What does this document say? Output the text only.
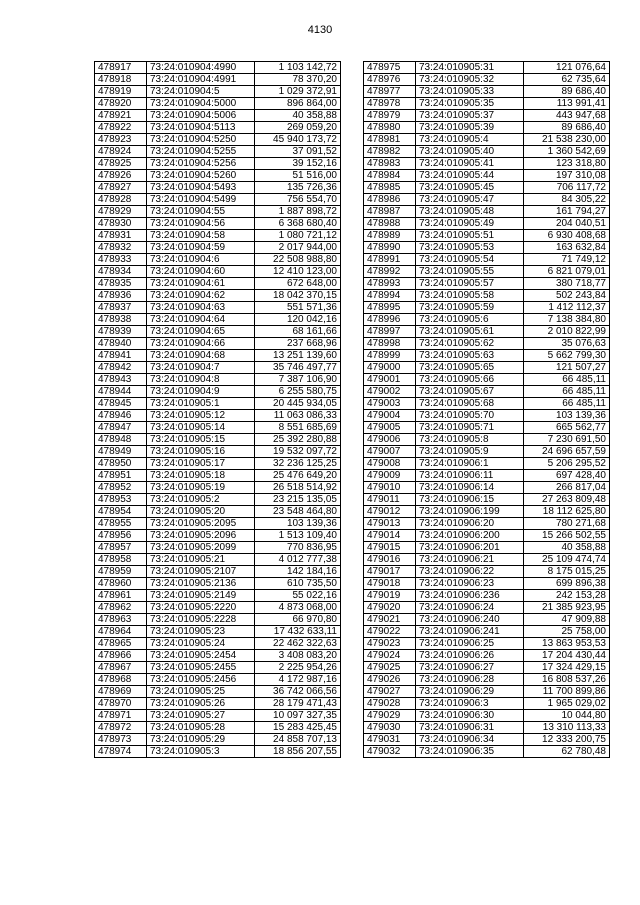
4130
478917	73:24:010904:4990	1 103 142,72
478918	73:24:010904:4991	78 370,20
478919	73:24:010904:5	1 029 372,91
478920	73:24:010904:5000	896 864,00
478921	73:24:010904:5006	40 358,88
478922	73:24:010904:5113	269 059,20
478923	73:24:010904:5250	45 940 173,72
478924	73:24:010904:5255	37 091,52
478925	73:24:010904:5256	39 152,16
478926	73:24:010904:5260	51 516,00
478927	73:24:010904:5493	135 726,36
478928	73:24:010904:5499	756 554,70
478929	73:24:010904:55	1 887 898,72
478930	73:24:010904:56	6 368 680,40
478931	73:24:010904:58	1 080 721,12
478932	73:24:010904:59	2 017 944,00
478933	73:24:010904:6	22 508 988,80
478934	73:24:010904:60	12 410 123,00
478935	73:24:010904:61	672 648,00
478936	73:24:010904:62	18 042 370,15
478937	73:24:010904:63	551 571,36
478938	73:24:010904:64	120 042,16
478939	73:24:010904:65	68 161,66
478940	73:24:010904:66	237 668,96
478941	73:24:010904:68	13 251 139,60
478942	73:24:010904:7	35 746 497,77
478943	73:24:010904:8	7 387 106,90
478944	73:24:010904:9	6 255 580,75
478945	73:24:010905:1	20 445 934,05
478946	73:24:010905:12	11 063 086,33
478947	73:24:010905:14	8 551 685,69
478948	73:24:010905:15	25 392 280,88
478949	73:24:010905:16	19 532 097,72
478950	73:24:010905:17	32 236 125,25
478951	73:24:010905:18	25 476 649,20
478952	73:24:010905:19	26 518 514,92
478953	73:24:010905:2	23 215 135,05
478954	73:24:010905:20	23 548 464,80
478955	73:24:010905:2095	103 139,36
478956	73:24:010905:2096	1 513 109,40
478957	73:24:010905:2099	770 836,95
478958	73:24:010905:21	4 012 777,38
478959	73:24:010905:2107	142 184,16
478960	73:24:010905:2136	610 735,50
478961	73:24:010905:2149	55 022,16
478962	73:24:010905:2220	4 873 068,00
478963	73:24:010905:2228	66 970,80
478964	73:24:010905:23	17 432 633,11
478965	73:24:010905:24	22 462 322,63
478966	73:24:010905:2454	3 408 083,20
478967	73:24:010905:2455	2 225 954,26
478968	73:24:010905:2456	4 172 987,16
478969	73:24:010905:25	36 742 066,56
478970	73:24:010905:26	28 179 471,43
478971	73:24:010905:27	10 097 327,35
478972	73:24:010905:28	15 283 425,45
478973	73:24:010905:29	24 858 707,13
478974	73:24:010905:3	18 856 207,55
478975	73:24:010905:31	121 076,64
478976	73:24:010905:32	62 735,64
478977	73:24:010905:33	89 686,40
478978	73:24:010905:35	113 991,41
478979	73:24:010905:37	443 947,68
478980	73:24:010905:39	89 686,40
478981	73:24:010905:4	21 538 230,00
478982	73:24:010905:40	1 360 542,69
478983	73:24:010905:41	123 318,80
478984	73:24:010905:44	197 310,08
478985	73:24:010905:45	706 117,72
478986	73:24:010905:47	84 305,22
478987	73:24:010905:48	161 794,27
478988	73:24:010905:49	204 040,51
478989	73:24:010905:51	6 930 408,68
478990	73:24:010905:53	163 632,84
478991	73:24:010905:54	71 749,12
478992	73:24:010905:55	6 821 079,01
478993	73:24:010905:57	380 718,77
478994	73:24:010905:58	502 243,84
478995	73:24:010905:59	1 412 112,37
478996	73:24:010905:6	7 138 384,80
478997	73:24:010905:61	2 010 822,99
478998	73:24:010905:62	35 076,63
478999	73:24:010905:63	5 662 799,30
479000	73:24:010905:65	121 507,27
479001	73:24:010905:66	66 485,11
479002	73:24:010905:67	66 485,11
479003	73:24:010905:68	66 485,11
479004	73:24:010905:70	103 139,36
479005	73:24:010905:71	665 562,77
479006	73:24:010905:8	7 230 691,50
479007	73:24:010905:9	24 696 657,59
479008	73:24:010906:1	5 206 295,52
479009	73:24:010906:11	697 428,40
479010	73:24:010906:14	266 817,04
479011	73:24:010906:15	27 263 809,48
479012	73:24:010906:199	18 112 625,80
479013	73:24:010906:20	780 271,68
479014	73:24:010906:200	15 266 502,55
479015	73:24:010906:201	40 358,88
479016	73:24:010906:21	25 109 474,74
479017	73:24:010906:22	8 175 015,25
479018	73:24:010906:23	699 896,38
479019	73:24:010906:236	242 153,28
479020	73:24:010906:24	21 385 923,95
479021	73:24:010906:240	47 909,88
479022	73:24:010906:241	25 758,00
479023	73:24:010906:25	13 863 953,53
479024	73:24:010906:26	17 204 430,44
479025	73:24:010906:27	17 324 429,15
479026	73:24:010906:28	16 808 537,26
479027	73:24:010906:29	11 700 899,86
479028	73:24:010906:3	1 965 029,02
479029	73:24:010906:30	10 044,80
479030	73:24:010906:31	13 310 113,33
479031	73:24:010906:34	12 333 200,75
479032	73:24:010906:35	62 780,48
